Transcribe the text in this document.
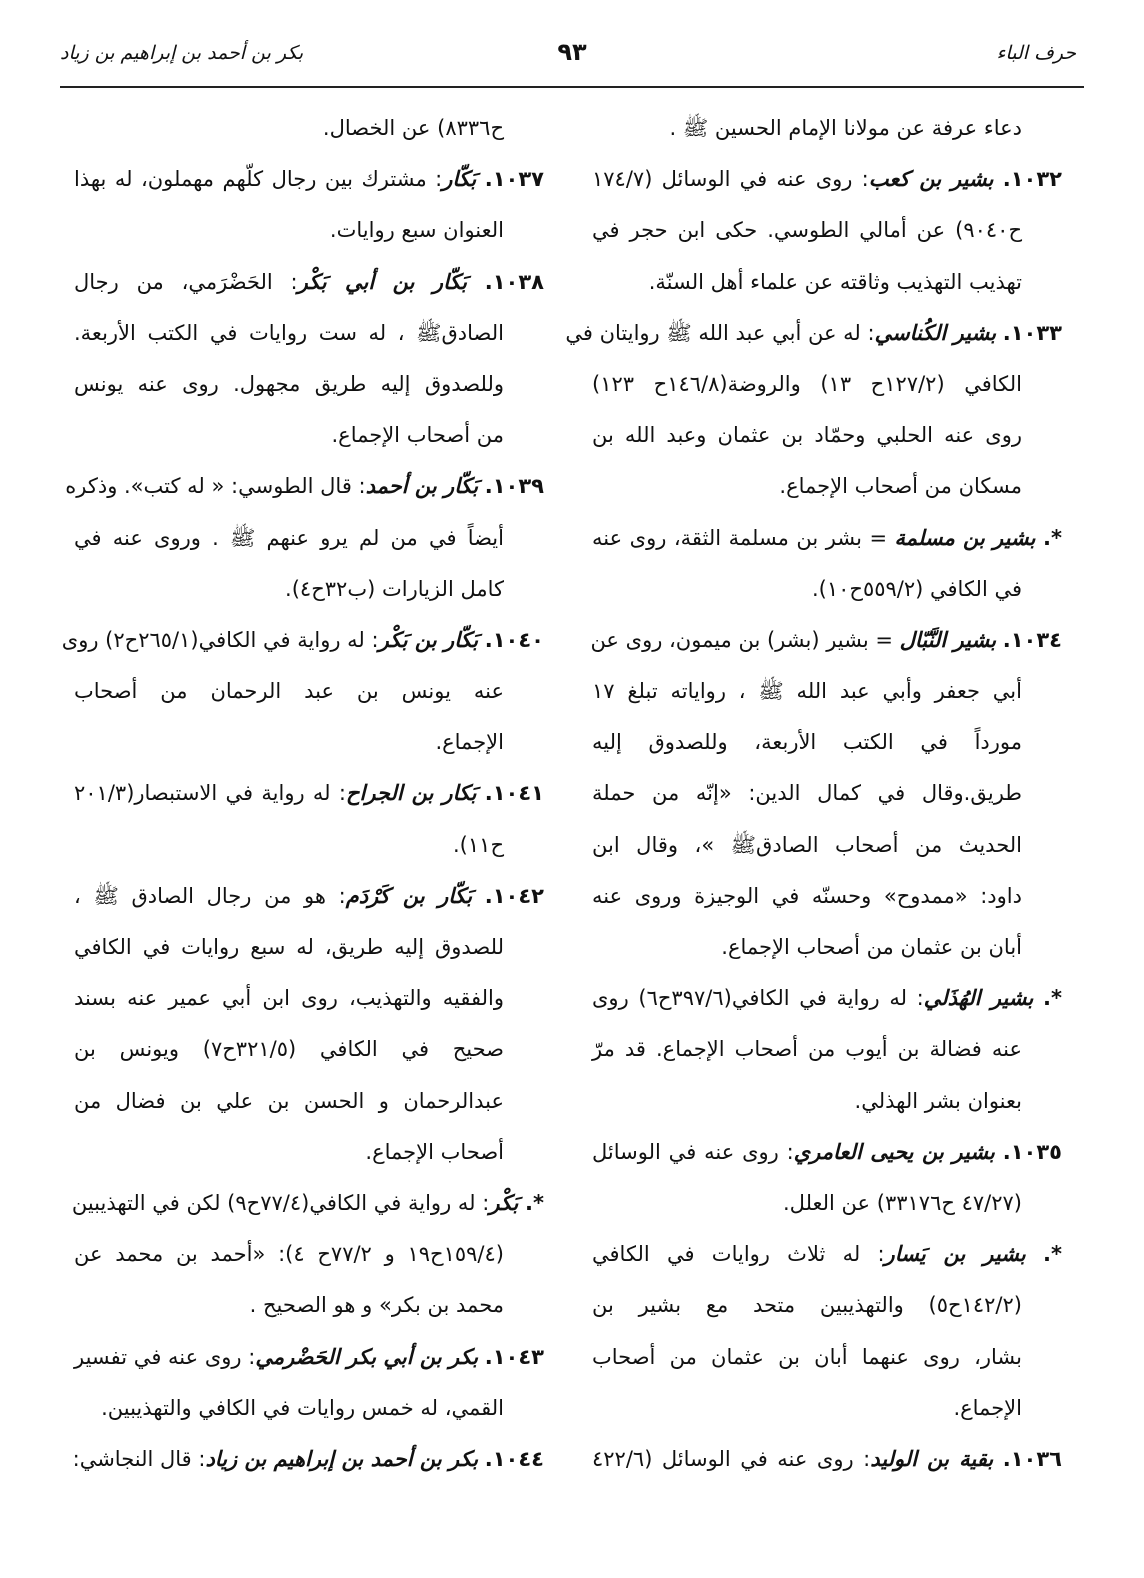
حرف الباء
٩٣
بكر بن أحمد بن إبراهيم بن زياد
دعاء عرفة عن مولانا الإمام الحسين ﷺ .
١٠٣٢. بشير بن كعب: روى عنه في الوسائل (١٧٤/٧
ح٩٠٤٠) عن أمالي الطوسي. حكى ابن حجر في
تهذيب التهذيب وثاقته عن علماء أهل السنّة.
١٠٣٣. بشير الكُناسي: له عن أبي عبد الله ﷺ روايتان في
الكافي (١٢٧/٢ح ١٣) والروضة(١٤٦/٨ح ١٢٣)
روى عنه الحلبي وحمّاد بن عثمان وعبد الله بن
مسكان من أصحاب الإجماع.
*. بشير بن مسلمة = بشر بن مسلمة الثقة، روى عنه
في الكافي (٥٥٩/٢ح١٠).
١٠٣٤. بشير النَّبّال = بشير (بشر) بن ميمون، روى عن
أبي جعفر وأبي عبد الله ﷺ ، رواياته تبلغ ١٧
مورداً في الكتب الأربعة، وللصدوق إليه
طريق.وقال في كمال الدين: «إنّه من حملة
الحديث من أصحاب الصادقﷺ »، وقال ابن
داود: «ممدوح» وحسنّه في الوجيزة وروى عنه
أبان بن عثمان من أصحاب الإجماع.
*. بشير الهُذَلي: له رواية في الكافي(٣٩٧/٦ح٦) روى
عنه فضالة بن أيوب من أصحاب الإجماع. قد مرّ
بعنوان بشر الهذلي.
١٠٣٥. بشير بن يحيى العامري: روى عنه في الوسائل
(٤٧/٢٧ ح٣٣١٧٦) عن العلل.
*. بشير بن يَسار: له ثلاث روايات في الكافي
(١٤٢/٢ح٥) والتهذيبين متحد مع بشير بن
بشار، روى عنهما أبان بن عثمان من أصحاب
الإجماع.
١٠٣٦. بقية بن الوليد: روى عنه في الوسائل (٤٢٢/٦
ح٨٣٣٦) عن الخصال.
١٠٣٧. بَكّار: مشترك بين رجال كلّهم مهملون، له بهذا
العنوان سبع روايات.
١٠٣٨. بَكّار بن أبي بَكْر: الحَضْرَمي، من رجال
الصادقﷺ ، له ست روايات في الكتب الأربعة.
وللصدوق إليه طريق مجهول. روى عنه يونس
من أصحاب الإجماع.
١٠٣٩. بَكّار بن أحمد: قال الطوسي: « له كتب». وذكره
أيضاً في من لم يرو عنهم ﷺ . وروى عنه في
كامل الزيارات (ب٣٢ح٤).
١٠٤٠. بَكّار بن بَكْر: له رواية في الكافي(٢٦٥/١ح٢) روى
عنه يونس بن عبد الرحمان من أصحاب
الإجماع.
١٠٤١. بَكار بن الجراح: له رواية في الاستبصار(٢٠١/٣
ح١١).
١٠٤٢. بَكّار بن كَرْدَم: هو من رجال الصادق ﷺ ،
للصدوق إليه طريق، له سبع روايات في الكافي
والفقيه والتهذيب، روى ابن أبي عمير عنه بسند
صحيح في الكافي (٣٢١/٥ح٧) ويونس بن
عبدالرحمان و الحسن بن علي بن فضال من
أصحاب الإجماع.
*. بَكْر: له رواية في الكافي(٧٧/٤ح٩) لكن في التهذيبين
(١٥٩/٤ح١٩ و ٧٧/٢ح ٤): «أحمد بن محمد عن
محمد بن بكر» و هو الصحيح .
١٠٤٣. بكر بن أبي بكر الحَضْرمي: روى عنه في تفسير
القمي، له خمس روايات في الكافي والتهذيبين.
١٠٤٤. بكر بن أحمد بن إبراهيم بن زياد: قال النجاشي:
